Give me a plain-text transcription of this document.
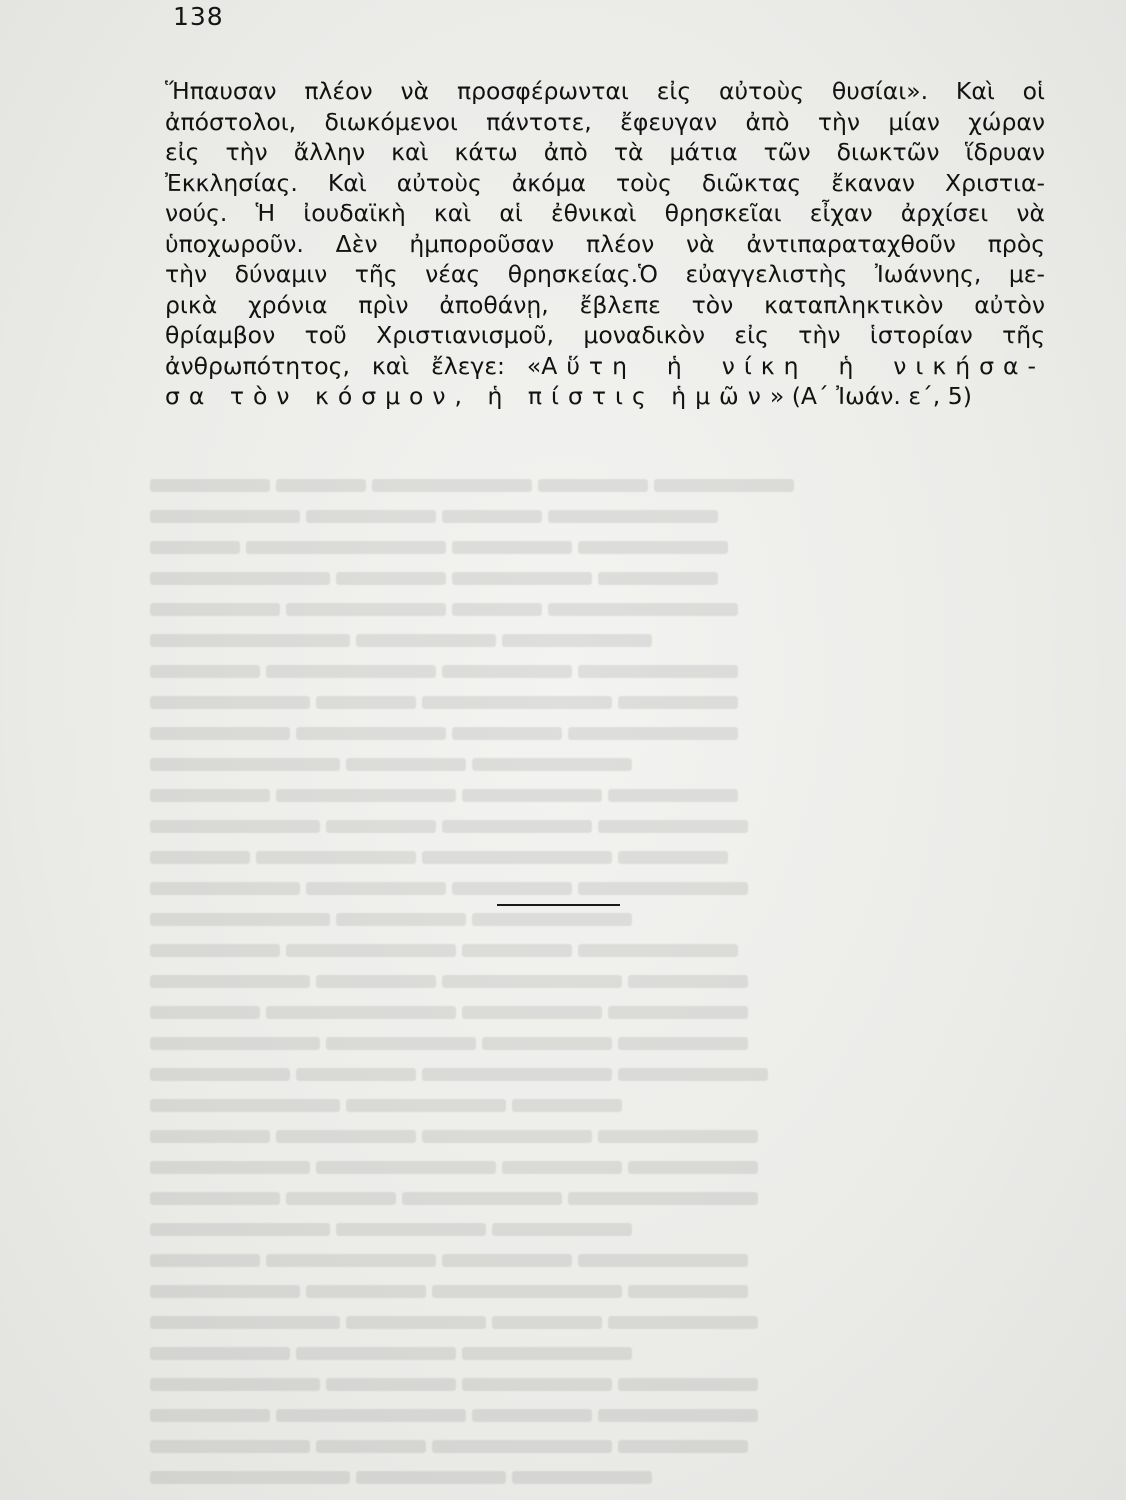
138
Ἥπαυσαν πλέον νὰ προσφέρωνται εἰς αὐτοὺς θυσίαι». Καὶ οἱ
ἀπόστολοι, διωκόμενοι πάντοτε, ἔφευγαν ἀπὸ τὴν μίαν χώραν
εἰς τὴν ἄλλην καὶ κάτω ἀπὸ τὰ μάτια τῶν διωκτῶν ἵδρυαν
Ἐκκλησίας. Καὶ αὐτοὺς ἀκόμα τοὺς διῶκτας ἔκαναν Χριστια-
νούς. Ἡ ἰουδαϊκὴ καὶ αἱ ἐθνικαὶ θρησκεῖαι εἶχαν ἀρχίσει νὰ
ὑποχωροῦν. Δὲν ἠμποροῦσαν πλέον νὰ ἀντιπαραταχθοῦν πρὸς
τὴν δύναμιν τῆς νέας θρησκείας.Ὁ εὐαγγελιστὴς Ἰωάννης, με-
ρικὰ χρόνια πρὶν ἀποθάνῃ, ἔβλεπε τὸν καταπληκτικὸν αὐτὸν
θρίαμβον τοῦ Χριστιανισμοῦ, μοναδικὸν εἰς τὴν ἱστορίαν τῆς
ἀνθρωπότητος, καὶ ἔλεγε: «Αὕτη ἡ νίκη ἡ νικήσα-
σα τὸν κόσμον, ἡ πίστις ἡμῶν» (Α΄ Ἰωάν. ε΄, 5)
